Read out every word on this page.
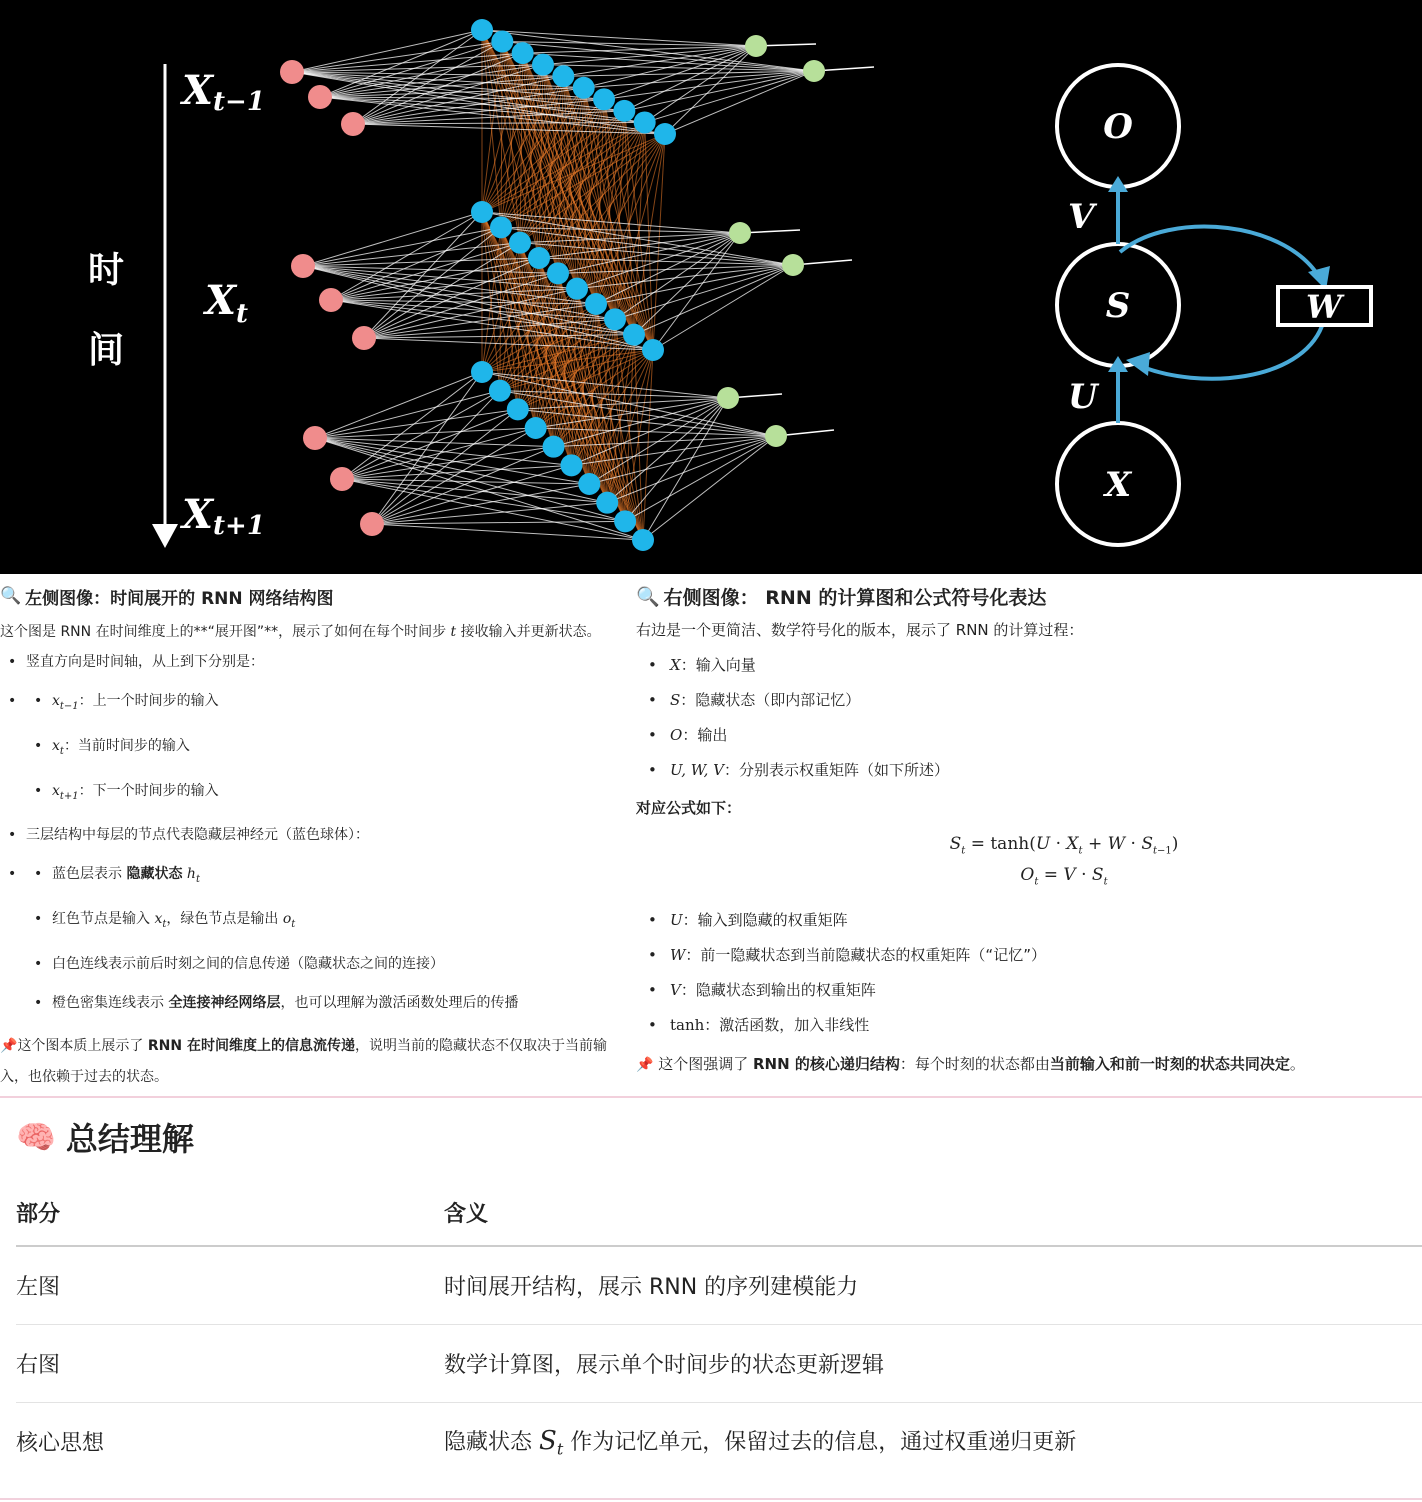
时
间
Xt−1
Xt
Xt+1
O
S
X
V
U
W
🔍 左侧图像：时间展开的 RNN 网络结构图
这个图是 RNN 在时间维度上的**“展开图”**，展示了如何在每个时间步 t 接收输入并更新状态。
• 竖直方向是时间轴，从上到下分别是：
• • $x_{t-1}$：上一个时间步的输入
• $x_t$：当前时间步的输入
• $x_{t+1}$：下一个时间步的输入
• 三层结构中每层的节点代表隐藏层神经元（蓝色球体）：
• • 蓝色层表示 隐藏状态 $h_t$
• 红色节点是输入 $x_t$，绿色节点是输出 $o_t$
• 白色连线表示前后时刻之间的信息传递（隐藏状态之间的连接）
• 橙色密集连线表示 全连接神经网络层，也可以理解为激活函数处理后的传播
📌这个图本质上展示了 RNN 在时间维度上的信息流传递，说明当前的隐藏状态不仅取决于当前输入，也依赖于过去的状态。
🔍 右侧图像： RNN 的计算图和公式符号化表达
右边是一个更简洁、数学符号化的版本，展示了 RNN 的计算过程：
• X：输入向量
• S：隐藏状态（即内部记忆）
• O：输出
• U, W, V：分别表示权重矩阵（如下所述）
对应公式如下：
$S_t = \tanh(U \cdot X_t + W \cdot S_{t-1})$
$O_t = V \cdot S_t$
• U：输入到隐藏的权重矩阵
• W：前一隐藏状态到当前隐藏状态的权重矩阵（“记忆”）
• V：隐藏状态到输出的权重矩阵
• tanh：激活函数，加入非线性
📌 这个图强调了 RNN 的核心递归结构：每个时刻的状态都由当前输入和前一时刻的状态共同决定。
🧠 总结理解
部分	含义
左图	时间展开结构，展示 RNN 的序列建模能力
右图	数学计算图，展示单个时间步的状态更新逻辑
核心思想	隐藏状态 $S_t$ 作为记忆单元，保留过去的信息，通过权重递归更新
